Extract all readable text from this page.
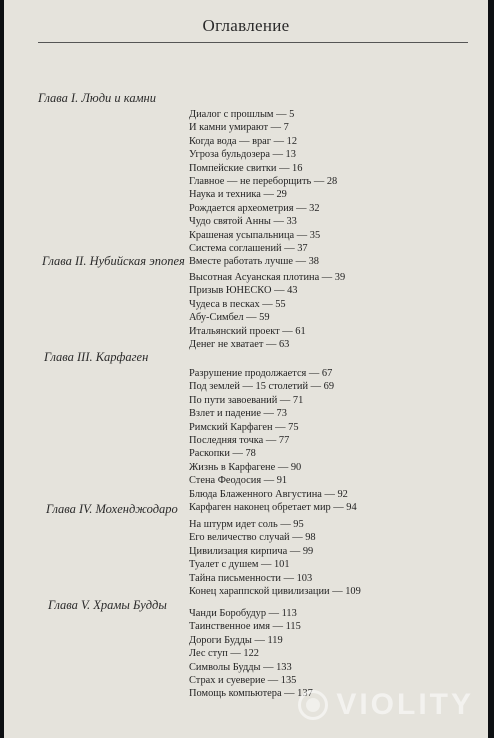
Оглавление
Глава I. Люди и камни
Диалог с прошлым — 5
И камни умирают — 7
Когда вода — враг — 12
Угроза бульдозера — 13
Помпейские свитки — 16
Главное — не переборщить — 28
Наука и техника — 29
Рождается археометрия — 32
Чудо святой Анны — 33
Крашеная усыпальница — 35
Система соглашений — 37
Вместе работать лучше — 38
Глава II. Нубийская эпопея
Высотная Асуанская плотина — 39
Призыв ЮНЕСКО — 43
Чудеса в песках — 55
Абу-Симбел — 59
Итальянский проект — 61
Денег не хватает — 63
Глава III. Карфаген
Разрушение продолжается — 67
Под землей — 15 столетий — 69
По пути завоеваний — 71
Взлет и падение — 73
Римский Карфаген — 75
Последняя точка — 77
Раскопки — 78
Жизнь в Карфагене — 90
Стена Феодосия — 91
Блюда Блаженного Августина — 92
Карфаген наконец обретает мир — 94
Глава IV. Мохенджодаро
На штурм идет соль — 95
Его величество случай — 98
Цивилизация кирпича — 99
Туалет с душем — 101
Тайна письменности — 103
Конец хараппской цивилизации — 109
Глава V. Храмы Будды
Чанди Боробудур — 113
Таинственное имя — 115
Дороги Будды — 119
Лес ступ — 122
Символы Будды — 133
Страх и суеверие — 135
Помощь компьютера — 137 VIOLITY
